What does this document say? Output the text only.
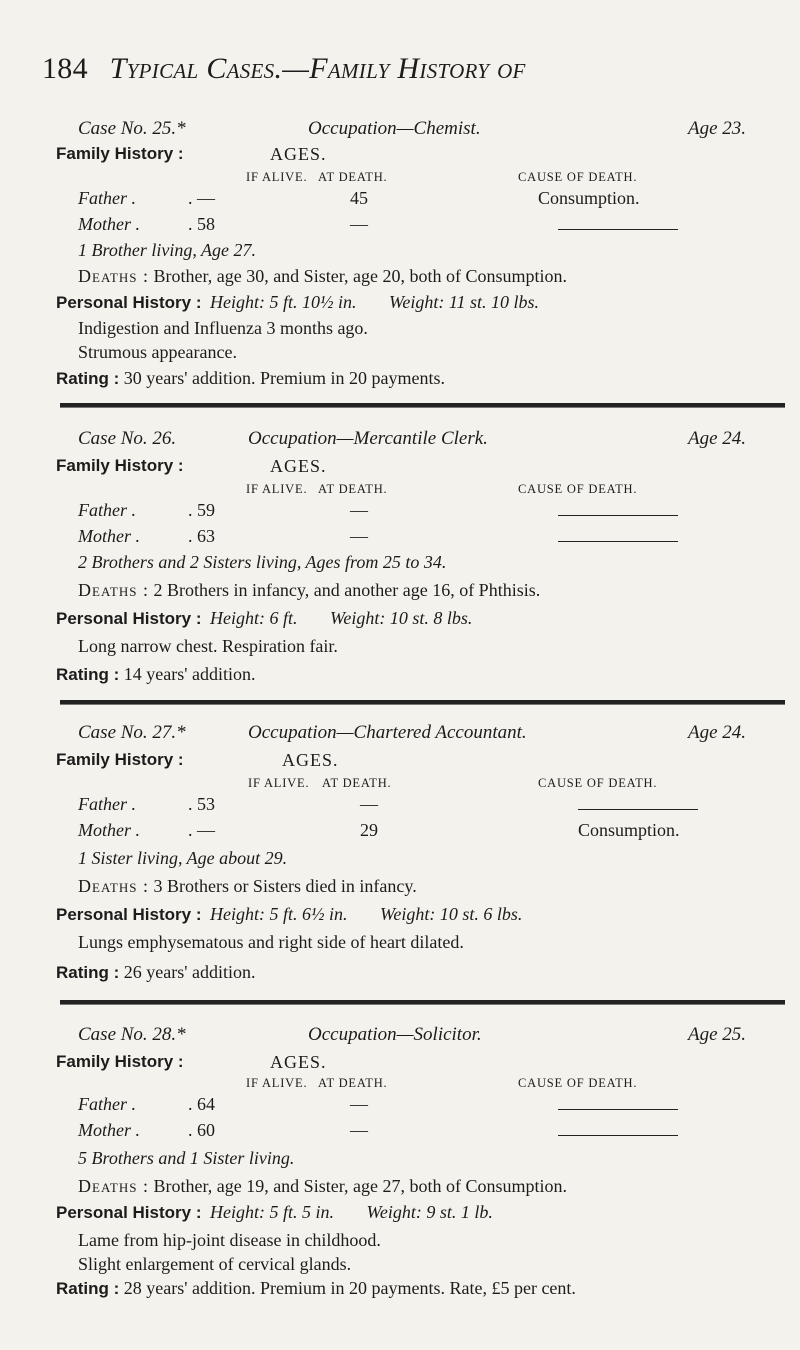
184 Typical Cases.—Family History of
Case No. 25.*	Occupation—Chemist.	Age 23.
Family History :	AGES.
IF ALIVE. AT DEATH.	CAUSE OF DEATH.
Father .	. —	45	Consumption.
Mother .	. 58	—
1 Brother living, Age 27.
Deaths : Brother, age 30, and Sister, age 20, both of Consumption.
Personal History : Height: 5 ft. 10½ in. Weight: 11 st. 10 lbs.
Indigestion and Influenza 3 months ago.
Strumous appearance.
Rating : 30 years' addition. Premium in 20 payments.
Case No. 26.	Occupation—Mercantile Clerk.	Age 24.
Family History :	AGES.
IF ALIVE. AT DEATH.	CAUSE OF DEATH.
Father .	. 59	—
Mother .	. 63	—
2 Brothers and 2 Sisters living, Ages from 25 to 34.
Deaths : 2 Brothers in infancy, and another age 16, of Phthisis.
Personal History : Height: 6 ft. Weight: 10 st. 8 lbs.
Long narrow chest. Respiration fair.
Rating : 14 years' addition.
Case No. 27.*	Occupation—Chartered Accountant.	Age 24.
Family History :	AGES.
IF ALIVE. AT DEATH.	CAUSE OF DEATH.
Father .	. 53	—
Mother .	. —	29	Consumption.
1 Sister living, Age about 29.
Deaths : 3 Brothers or Sisters died in infancy.
Personal History : Height: 5 ft. 6½ in. Weight: 10 st. 6 lbs.
Lungs emphysematous and right side of heart dilated.
Rating : 26 years' addition.
Case No. 28.*	Occupation—Solicitor.	Age 25.
Family History :	AGES.
IF ALIVE. AT DEATH.	CAUSE OF DEATH.
Father .	. 64	—
Mother .	. 60	—
5 Brothers and 1 Sister living.
Deaths : Brother, age 19, and Sister, age 27, both of Consumption.
Personal History : Height: 5 ft. 5 in. Weight: 9 st. 1 lb.
Lame from hip-joint disease in childhood.
Slight enlargement of cervical glands.
Rating : 28 years' addition. Premium in 20 payments. Rate, £5 per cent.
